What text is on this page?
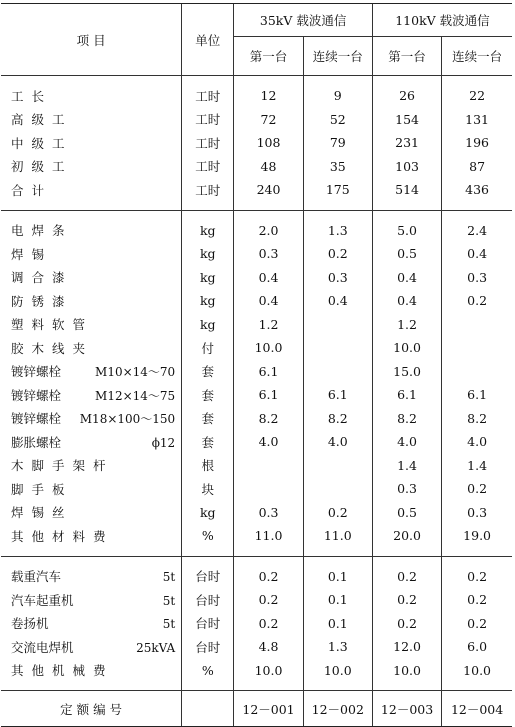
项 目	单位	35kV 载波通信		110kV 载波通信	
		第一台	连续一台	第一台	连续一台

工长	工时	12	9	26	22

高级工	工时	72	52	154	131

中级工	工时	108	79	231	196

初级工	工时	48	35	103	87

合计	工时	240	175	514	436

电焊条	kg	2.0	1.3	5.0	2.4

焊锡	kg	0.3	0.2	0.5	0.4

调合漆	kg	0.4	0.3	0.4	0.3

防锈漆	kg	0.4	0.4	0.4	0.2

塑料软管	kg	1.2		1.2	

胶木线夹	付	10.0		10.0	

镀锌螺栓 M10×14～70	套	6.1		15.0	

镀锌螺栓 M12×14～75	套	6.1	6.1	6.1	6.1

镀锌螺栓 M18×100～150	套	8.2	8.2	8.2	8.2

膨胀螺栓 ϕ12	套	4.0	4.0	4.0	4.0

木脚手架杆	根			1.4	1.4

脚手板	块			0.3	0.2

焊锡丝	kg	0.3	0.2	0.5	0.3

其他材料费	%	11.0	11.0	20.0	19.0

载重汽车 5t	台时	0.2	0.1	0.2	0.2

汽车起重机 5t	台时	0.2	0.1	0.2	0.2

卷扬机 5t	台时	0.2	0.1	0.2	0.2

交流电焊机 25kVA	台时	4.8	1.3	12.0	6.0

其他机械费	%	10.0	10.0	10.0	10.0

定 额 编 号		12－001	12－002	12－003	12－004
